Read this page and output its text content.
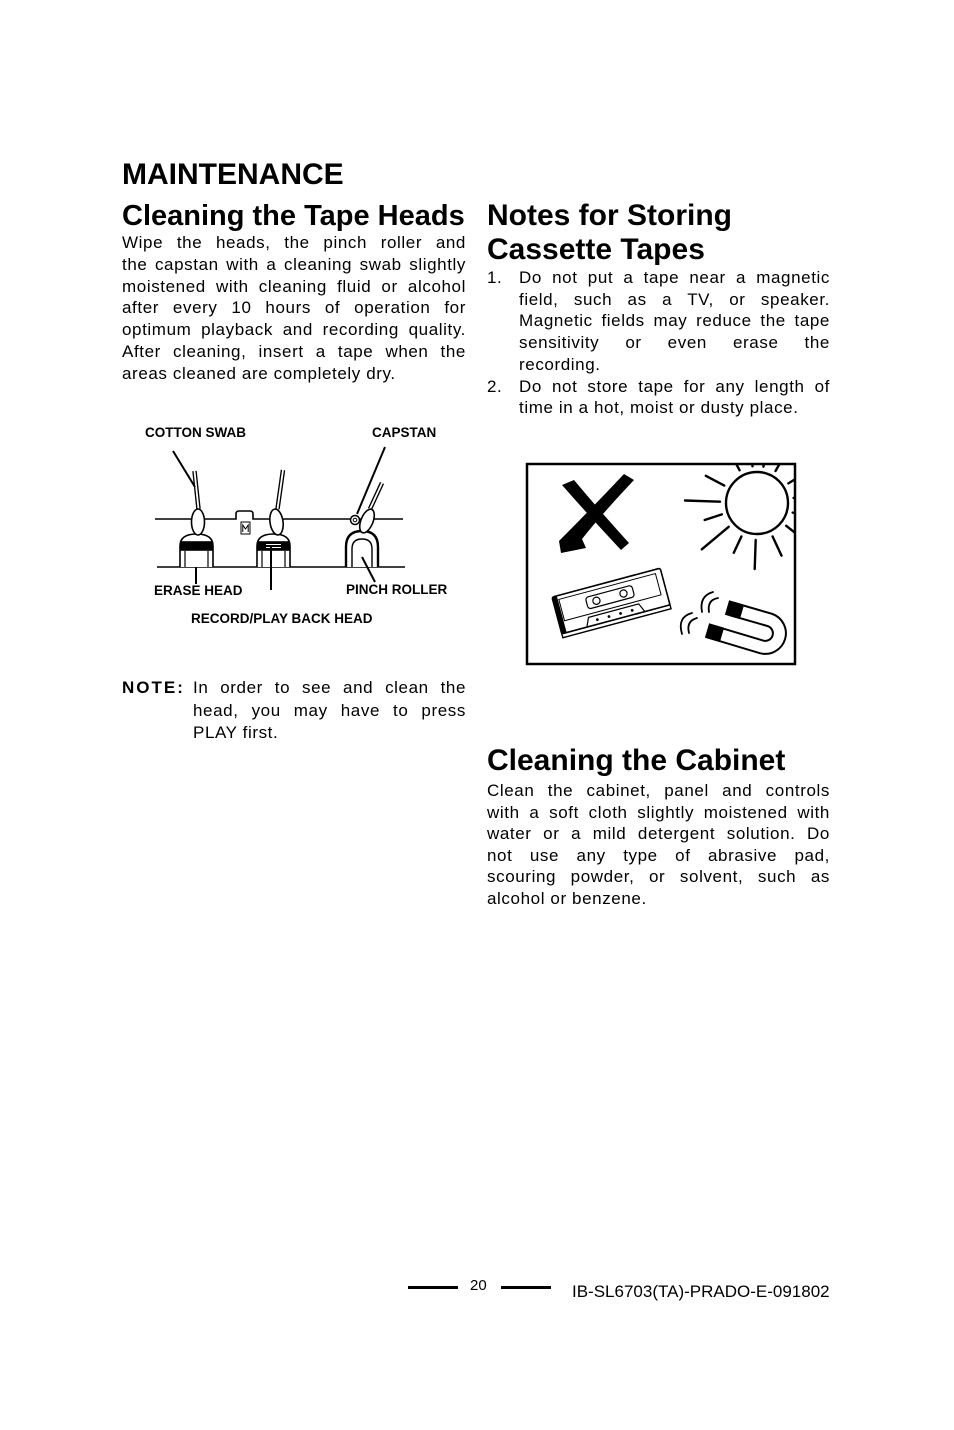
MAINTENANCE
Cleaning the Tape Heads
Wipe the heads, the pinch roller and
the capstan with a cleaning swab slightly
moistened with cleaning fluid or alcohol
after every 10 hours of operation for
optimum playback and recording quality.
After cleaning, insert a tape when the
areas cleaned are completely dry.
COTTON SWAB	CAPSTAN
ERASE HEAD	PINCH ROLLER
RECORD/PLAY BACK HEAD
NOTE: In order to see and clean the
head, you may have to press
PLAY first.
Notes for Storing
Cassette Tapes
1. Do not put a tape near a magnetic
field, such as a TV, or speaker.
Magnetic fields may reduce the tape
sensitivity or even erase the
recording.
2. Do not store tape for any length of
time in a hot, moist or dusty place.
Cleaning the Cabinet
Clean the cabinet, panel and controls
with a soft cloth slightly moistened with
water or a mild detergent solution. Do
not use any type of abrasive pad,
scouring powder, or solvent, such as
alcohol or benzene.
20	IB-SL6703(TA)-PRADO-E-091802
